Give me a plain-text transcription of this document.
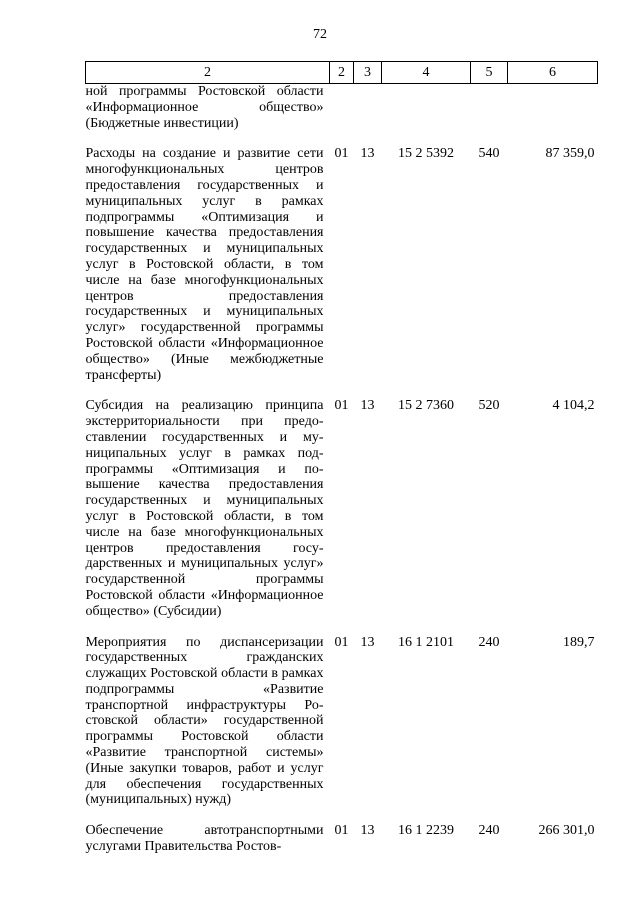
72
2	2	3	4	5	6
ной программы Ростовской области «Информационное общество» (Бюджетные инвестиции)					
Расходы на создание и развитие сети многофункциональных центров предоставления государственных и муниципальных услуг в рамках подпрограммы «Оптимизация и повышение качества предоставления государственных и муниципальных услуг в Ростовской области, в том числе на базе многофункциональных центров предоставления государственных и муниципальных услуг» государственной программы Ростовской области «Информационное общество» (Иные межбюджетные трансферты)	01	13	15 2 5392	540	87 359,0
Субсидия на реализацию принципа экстерриториальности при предоставлении государственных и муниципальных услуг в рамках подпрограммы «Оптимизация и повышение качества предоставления государственных и муниципальных услуг в Ростовской области, в том числе на базе многофункциональных центров предоставления государственных и муниципальных услуг» государственной программы Ростовской области «Информационное общество» (Субсидии)	01	13	15 2 7360	520	4 104,2
Мероприятия по диспансеризации государственных гражданских служащих Ростовской области в рамках подпрограммы «Развитие транспортной инфраструктуры Ростовской области» государственной программы Ростовской области «Развитие транспортной системы» (Иные закупки товаров, работ и услуг для обеспечения государственных (муниципальных) нужд)	01	13	16 1 2101	240	189,7
Обеспечение автотранспортными услугами Правительства Ростов-	01	13	16 1 2239	240	266 301,0
